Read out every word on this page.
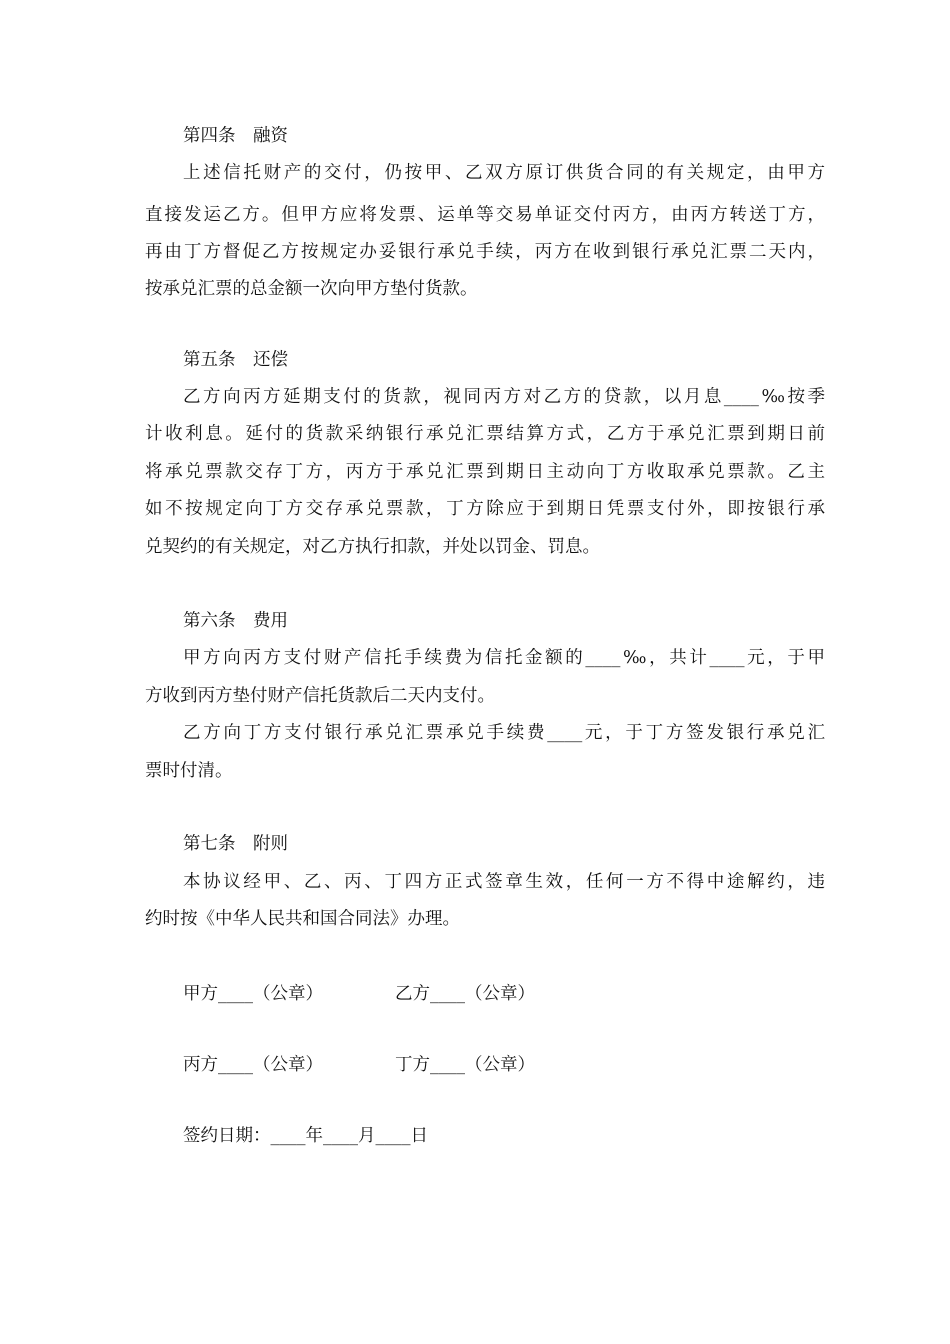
第四条　融资
上述信托财产的交付，仍按甲、乙双方原订供货合同的有关规定，由甲方
直接发运乙方。但甲方应将发票、运单等交易单证交付丙方，由丙方转送丁方，
再由丁方督促乙方按规定办妥银行承兑手续，丙方在收到银行承兑汇票二天内，
按承兑汇票的总金额一次向甲方垫付货款。
第五条　还偿
乙方向丙方延期支付的货款，视同丙方对乙方的贷款，以月息____‰按季
计收利息。延付的货款采纳银行承兑汇票结算方式，乙方于承兑汇票到期日前
将承兑票款交存丁方，丙方于承兑汇票到期日主动向丁方收取承兑票款。乙主
如不按规定向丁方交存承兑票款，丁方除应于到期日凭票支付外，即按银行承
兑契约的有关规定，对乙方执行扣款，并处以罚金、罚息。
第六条　费用
甲方向丙方支付财产信托手续费为信托金额的____‰，共计____元，于甲
方收到丙方垫付财产信托货款后二天内支付。
乙方向丁方支付银行承兑汇票承兑手续费____元，于丁方签发银行承兑汇
票时付清。
第七条　附则
本协议经甲、乙、丙、丁四方正式签章生效，任何一方不得中途解约，违
约时按《中华人民共和国合同法》办理。
甲方____（公章）	乙方____（公章）
丙方____（公章）	丁方____（公章）
签约日期：____年____月____日
